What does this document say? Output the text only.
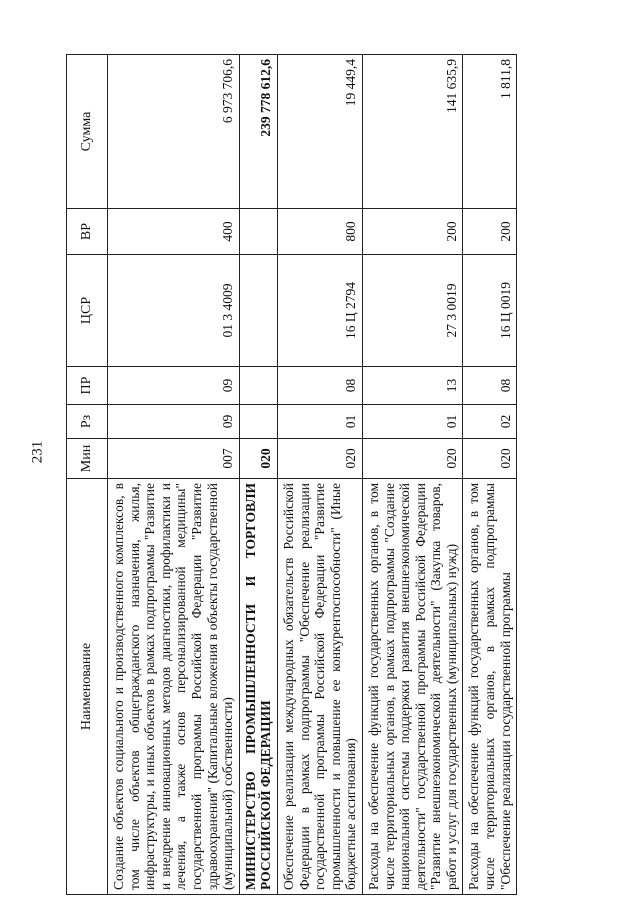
231
Наименование	Мин	Рз	ПР	ЦСР	ВР	Сумма
Создание объектов социального и производственного комплексов, в том числе объектов общегражданского назначения, жилья, инфраструктуры, и иных объектов в рамках подпрограммы "Развитие и внедрение инновационных методов диагностики, профилактики и лечения, а также основ персонализированной медицины" государственной программы Российской Федерации "Развитие здравоохранения" (Капитальные вложения в объекты государственной (муниципальной) собственности)	007	09	09	01 3 4009	400	6 973 706,6
МИНИСТЕРСТВО ПРОМЫШЛЕННОСТИ И ТОРГОВЛИ РОССИЙСКОЙ ФЕДЕРАЦИИ	020					239 778 612,6
Обеспечение реализации международных обязательств Российской Федерации в рамках подпрограммы "Обеспечение реализации государственной программы Российской Федерации "Развитие промышленности и повышение ее конкурентоспособности" (Иные бюджетные ассигнования)	020	01	08	16 Ц 2794	800	19 449,4
Расходы на обеспечение функций государственных органов, в том числе территориальных органов, в рамках подпрограммы "Создание национальной системы поддержки развития внешнеэкономической деятельности" государственной программы Российской Федерации "Развитие внешнеэкономической деятельности" (Закупка товаров, работ и услуг для государственных (муниципальных) нужд)	020	01	13	27 3 0019	200	141 635,9
Расходы на обеспечение функций государственных органов, в том числе территориальных органов, в рамках подпрограммы "Обеспечение реализации государственной программы	020	02	08	16 Ц 0019	200	1 811,8
